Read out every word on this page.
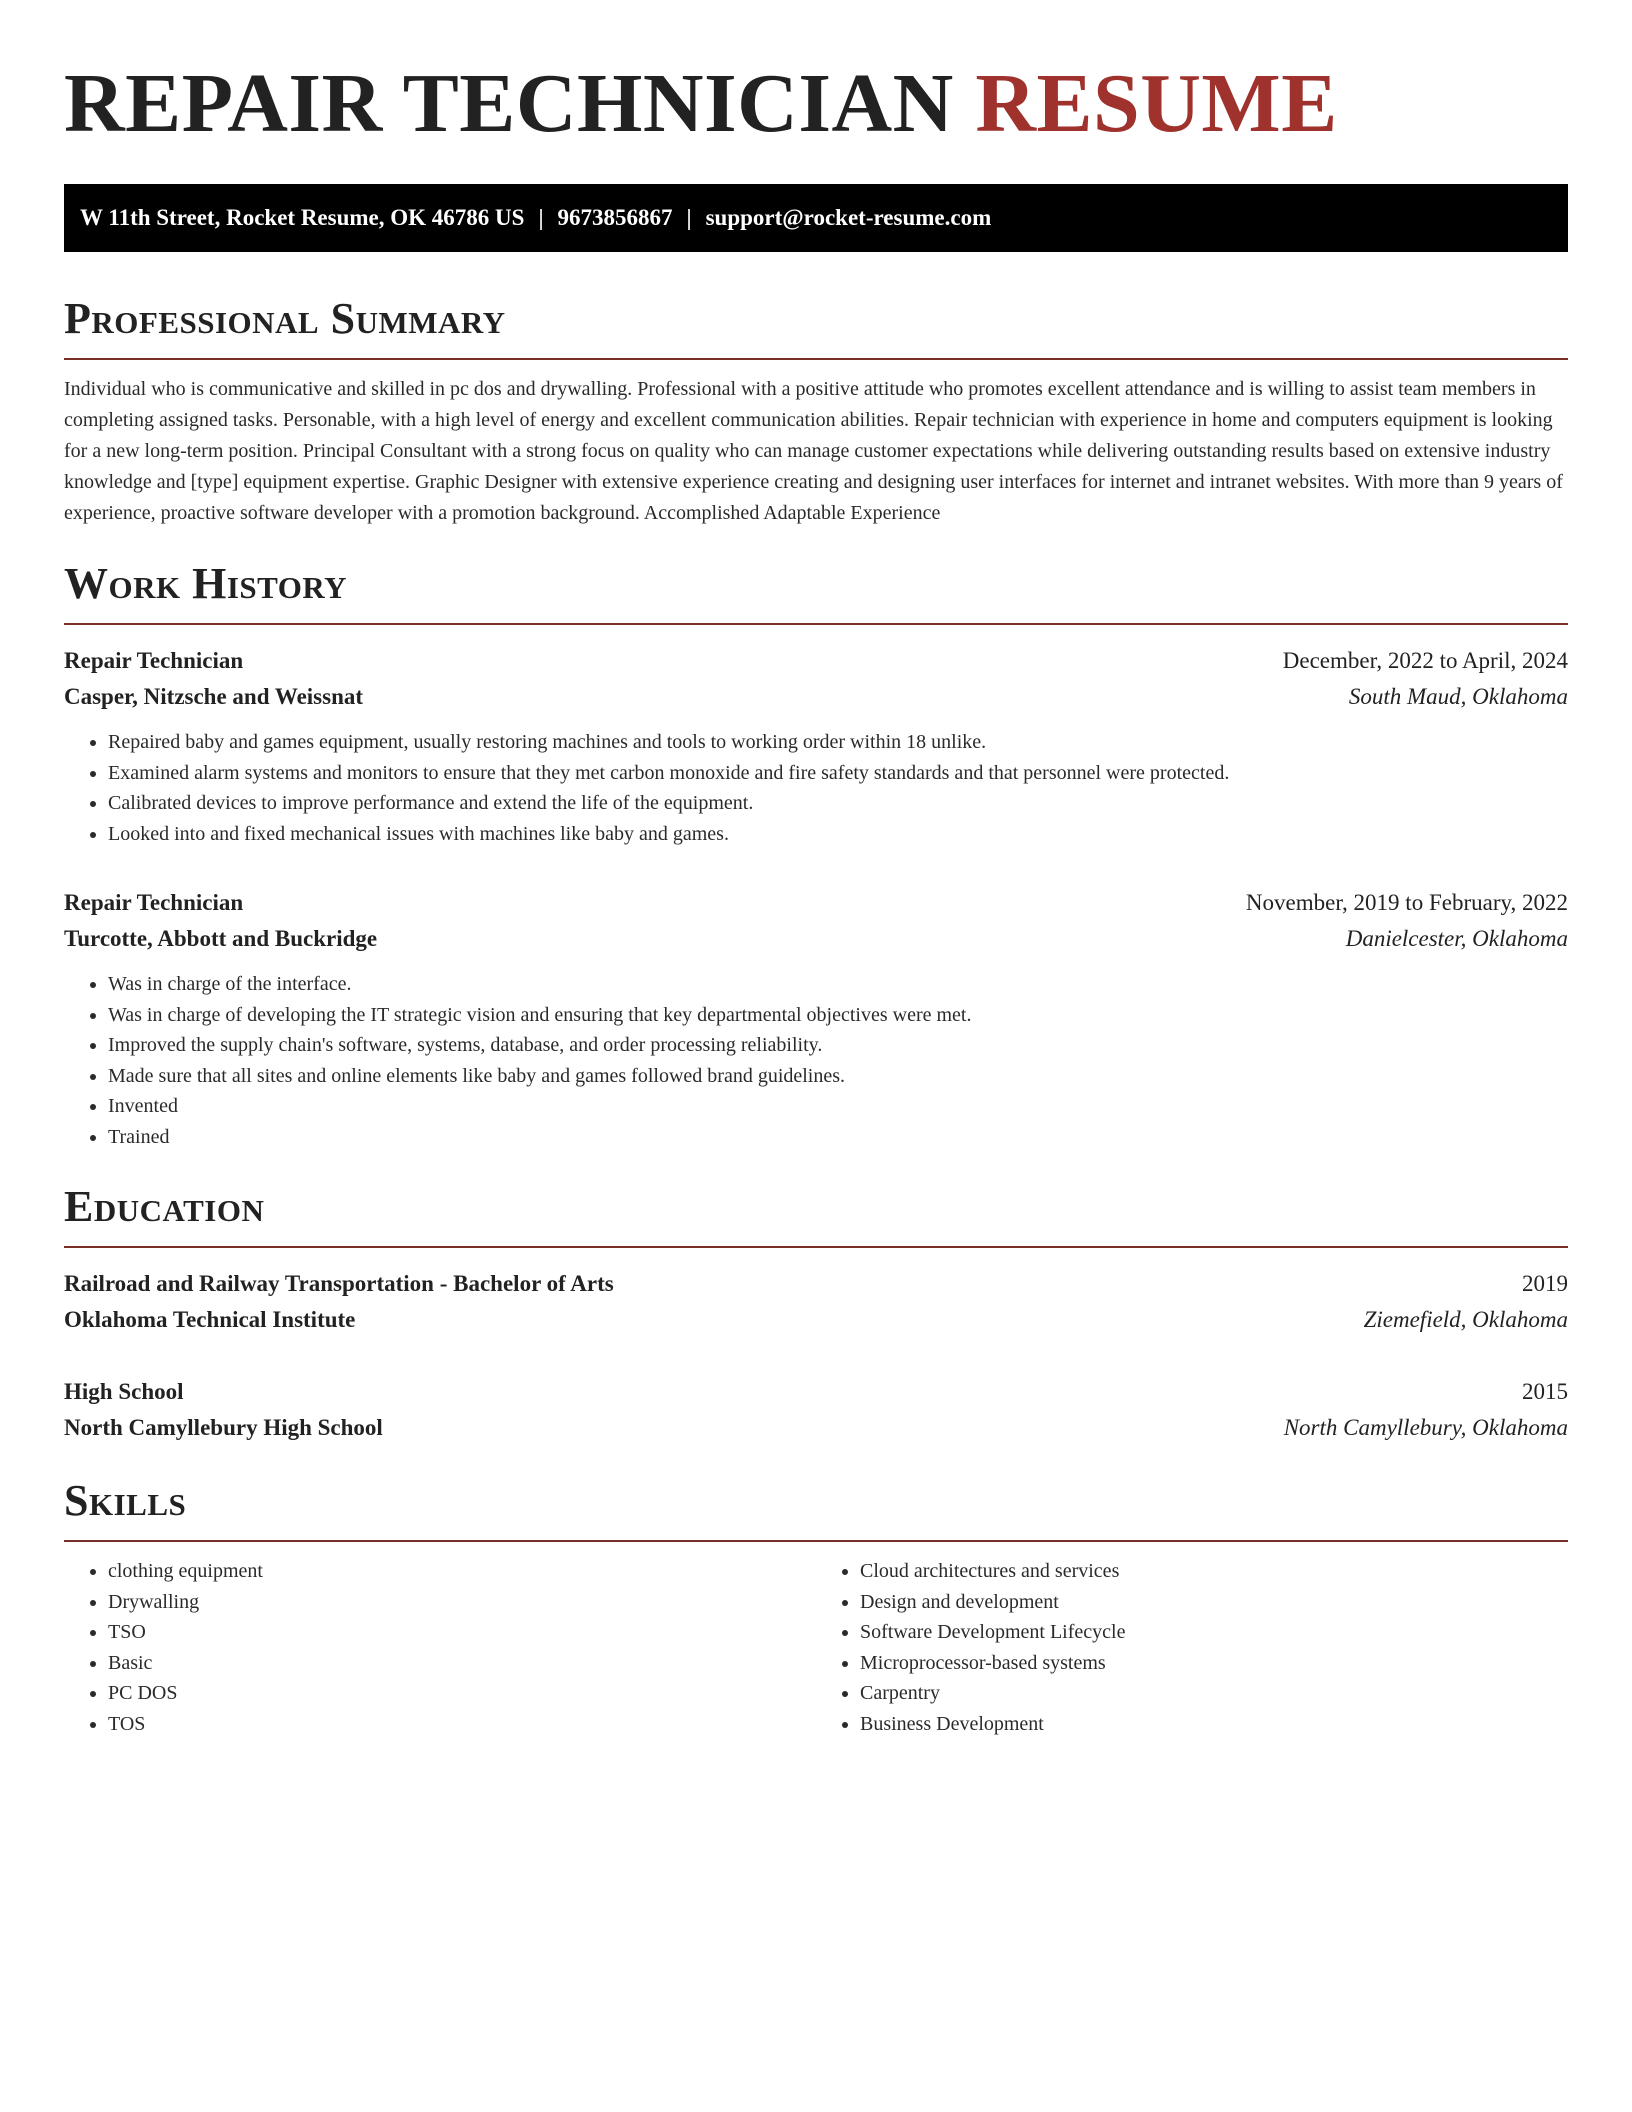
REPAIR TECHNICIAN RESUME
W 11th Street, Rocket Resume, OK 46786 US | 9673856867 | support@rocket-resume.com
Professional Summary

Individual who is communicative and skilled in pc dos and drywalling. Professional with a positive attitude who promotes excellent attendance and is willing to assist team members in completing assigned tasks. Personable, with a high level of energy and excellent communication abilities. Repair technician with experience in home and computers equipment is looking for a new long-term position. Principal Consultant with a strong focus on quality who can manage customer expectations while delivering outstanding results based on extensive industry knowledge and [type] equipment expertise. Graphic Designer with extensive experience creating and designing user interfaces for internet and intranet websites. With more than 9 years of experience, proactive software developer with a promotion background. Accomplished Adaptable Experience

Work History
Repair Technician	December, 2022 to April, 2024
Casper, Nitzsche and Weissnat	South Maud, Oklahoma
• Repaired baby and games equipment, usually restoring machines and tools to working order within 18 unlike.
• Examined alarm systems and monitors to ensure that they met carbon monoxide and fire safety standards and that personnel were protected.
• Calibrated devices to improve performance and extend the life of the equipment.
• Looked into and fixed mechanical issues with machines like baby and games.
Repair Technician	November, 2019 to February, 2022
Turcotte, Abbott and Buckridge	Danielcester, Oklahoma
• Was in charge of the interface.
• Was in charge of developing the IT strategic vision and ensuring that key departmental objectives were met.
• Improved the supply chain's software, systems, database, and order processing reliability.
• Made sure that all sites and online elements like baby and games followed brand guidelines.
• Invented
• Trained
Education
Railroad and Railway Transportation - Bachelor of Arts	2019
Oklahoma Technical Institute	Ziemefield, Oklahoma
High School	2015
North Camyllebury High School	North Camyllebury, Oklahoma
Skills
• clothing equipment
• Drywalling
• TSO
• Basic
• PC DOS
• TOS
• Cloud architectures and services
• Design and development
• Software Development Lifecycle
• Microprocessor-based systems
• Carpentry
• Business Development
